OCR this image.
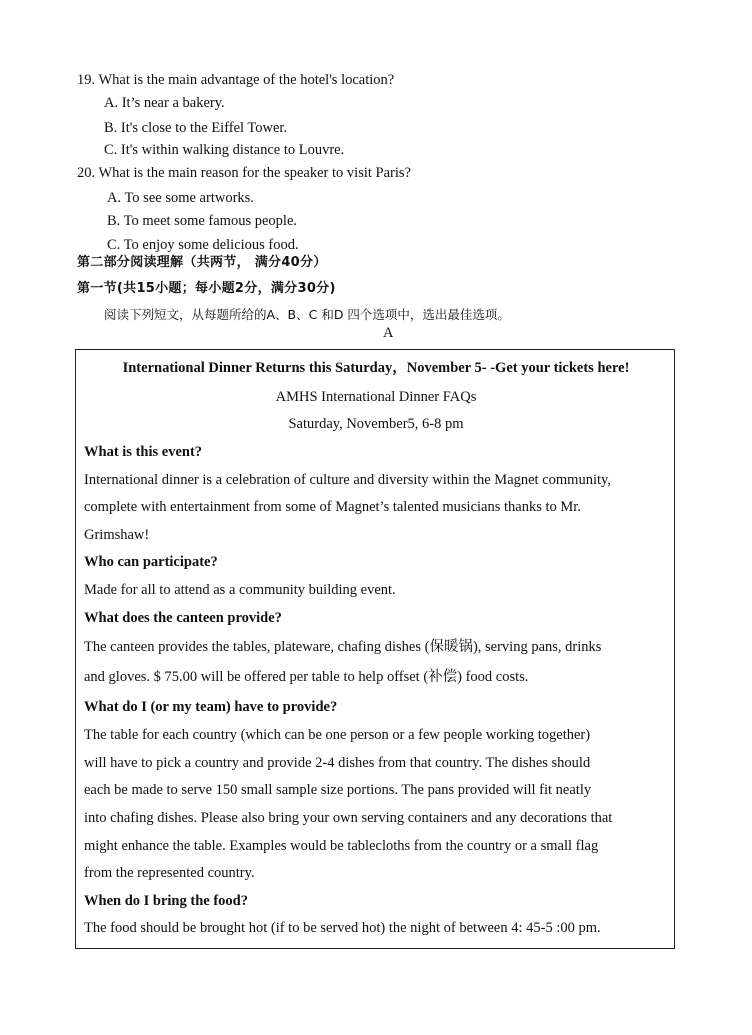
19. What is the main advantage of the hotel's location?
A. It’s near a bakery.
B. It's close to the Eiffel Tower.
C. It's within walking distance to Louvre.
20. What is the main reason for the speaker to visit Paris?
A. To see some artworks.
B. To meet some famous people.
C. To enjoy some delicious food.
第二部分阅读理解（共两节， 满分40分）
第一节(共15小题；每小题2分，满分30分)
阅读下列短文，从每题所给的A、B、C 和D 四个选项中，选出最佳选项。
A
International Dinner Returns this Saturday，November 5- -Get your tickets here!
AMHS International Dinner FAQs
Saturday, November5, 6-8 pm
What is this event?
International dinner is a celebration of culture and diversity within the Magnet community,
complete with entertainment from some of Magnet’s talented musicians thanks to Mr.
Grimshaw!
Who can participate?
Made for all to attend as a community building event.
What does the canteen provide?
The canteen provides the tables, plateware, chafing dishes (保暖锅), serving pans, drinks
and gloves. $ 75.00 will be offered per table to help offset (补偿) food costs.
What do I (or my team) have to provide?
The table for each country (which can be one person or a few people working together)
will have to pick a country and provide 2-4 dishes from that country. The dishes should
each be made to serve 150 small sample size portions. The pans provided will fit neatly
into chafing dishes. Please also bring your own serving containers and any decorations that
might enhance the table. Examples would be tablecloths from the country or a small flag
from the represented country.
When do I bring the food?
The food should be brought hot (if to be served hot) the night of between 4: 45-5 :00 pm.
